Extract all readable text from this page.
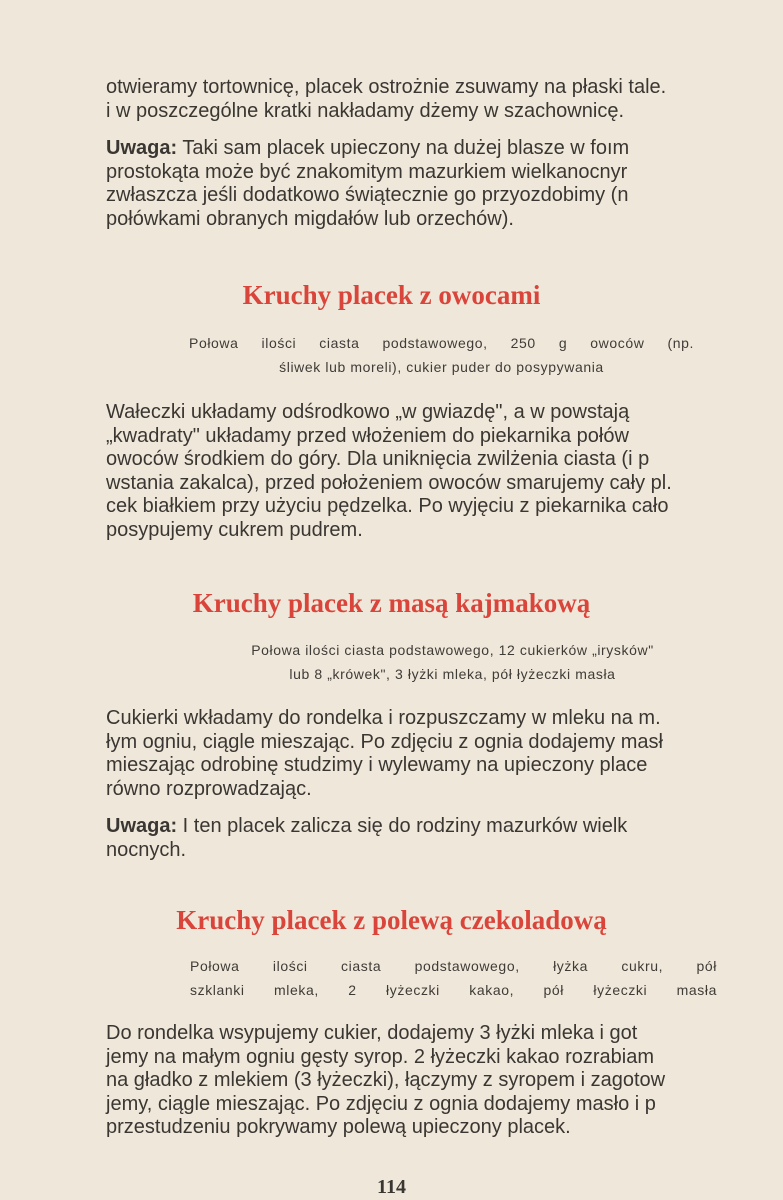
otwieramy tortownicę, placek ostrożnie zsuwamy na płaski tale.
i w poszczególne kratki nakładamy dżemy w szachownicę.

Uwaga: Taki sam placek upieczony na dużej blasze w foım
prostokąta może być znakomitym mazurkiem wielkanocnyr
zwłaszcza jeśli dodatkowo świątecznie go przyozdobimy (n
połówkami obranych migdałów lub orzechów).

Kruchy placek z owocami

Połowa ilości ciasta podstawowego, 250 g owoców (np.
śliwek lub moreli), cukier puder do posypywania

Wałeczki układamy odśrodkowo „w gwiazdę", a w powstają
„kwadraty" układamy przed włożeniem do piekarnika połów
owoców środkiem do góry. Dla uniknięcia zwilżenia ciasta (i p
wstania zakalca), przed położeniem owoców smarujemy cały pl.
cek białkiem przy użyciu pędzelka. Po wyjęciu z piekarnika cało
posypujemy cukrem pudrem.

Kruchy placek z masą kajmakową

Połowa ilości ciasta podstawowego, 12 cukierków „irysków"
lub 8 „krówek", 3 łyżki mleka, pół łyżeczki masła

Cukierki wkładamy do rondelka i rozpuszczamy w mleku na m.
łym ogniu, ciągle mieszając. Po zdjęciu z ognia dodajemy masł
mieszając odrobinę studzimy i wylewamy na upieczony place
równo rozprowadzając.

Uwaga: I ten placek zalicza się do rodziny mazurków wielk
nocnych.

Kruchy placek z polewą czekoladową

Połowa ilości ciasta podstawowego, łyżka cukru, pół
szklanki mleka, 2 łyżeczki kakao, pół łyżeczki masła

Do rondelka wsypujemy cukier, dodajemy 3 łyżki mleka i got
jemy na małym ogniu gęsty syrop. 2 łyżeczki kakao rozrabiam
na gładko z mlekiem (3 łyżeczki), łączymy z syropem i zagotow
jemy, ciągle mieszając. Po zdjęciu z ognia dodajemy masło i p
przestudzeniu pokrywamy polewą upieczony placek.

114
